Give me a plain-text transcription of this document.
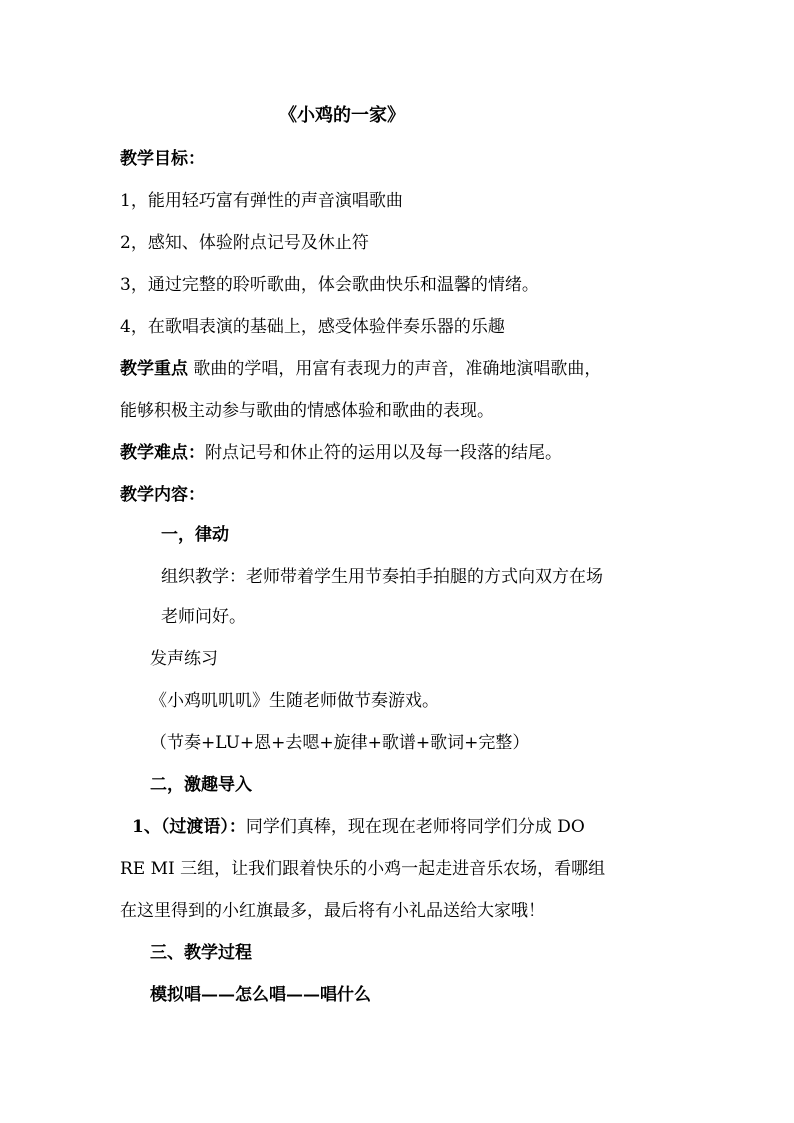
《小鸡的一家》
教学目标：
1，能用轻巧富有弹性的声音演唱歌曲
2，感知、体验附点记号及休止符
3，通过完整的聆听歌曲，体会歌曲快乐和温馨的情绪。
4，在歌唱表演的基础上，感受体验伴奏乐器的乐趣
教学重点 歌曲的学唱，用富有表现力的声音，准确地演唱歌曲，
能够积极主动参与歌曲的情感体验和歌曲的表现。
教学难点：附点记号和休止符的运用以及每一段落的结尾。
教学内容：
一，律动
组织教学：老师带着学生用节奏拍手拍腿的方式向双方在场
老师问好。
发声练习
《小鸡叽叽叽》生随老师做节奏游戏。
（节奏+LU+恩+去嗯+旋律+歌谱+歌词+完整）
二，激趣导入
1、（过渡语）：同学们真棒，现在现在老师将同学们分成 DO
RE MI 三组，让我们跟着快乐的小鸡一起走进音乐农场，看哪组
在这里得到的小红旗最多，最后将有小礼品送给大家哦！
三、教学过程
模拟唱——怎么唱——唱什么
